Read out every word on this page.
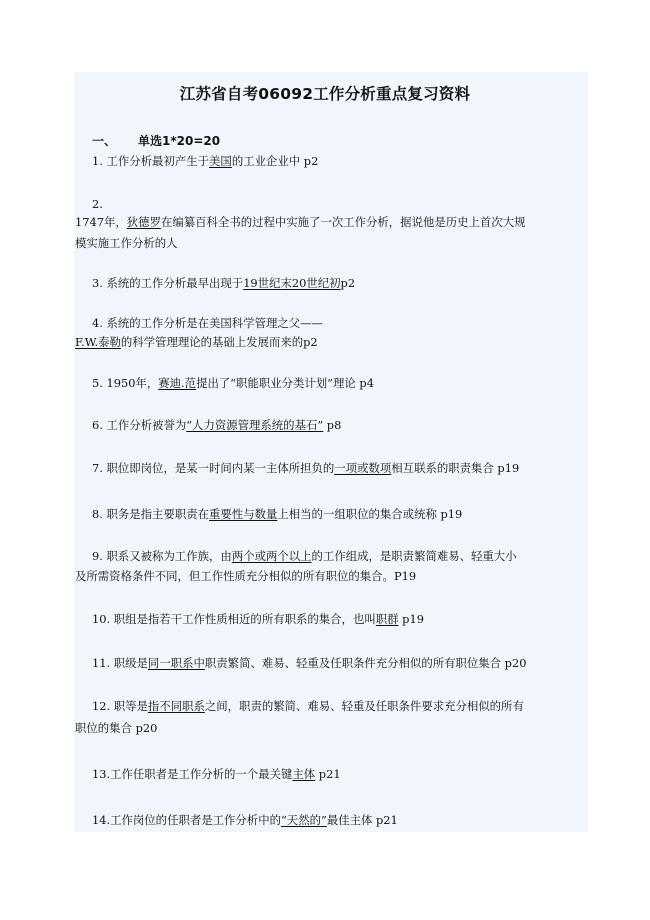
江苏省自考06092工作分析重点复习资料
一、 单选1*20=20
1. 工作分析最初产生于美国的工业企业中 p2
2.
1747年，狄德罗在编纂百科全书的过程中实施了一次工作分析，据说他是历史上首次大规
模实施工作分析的人
3. 系统的工作分析最早出现于19世纪末20世纪初p2
4. 系统的工作分析是在美国科学管理之父——
F.W.泰勒的科学管理理论的基础上发展而来的p2
5. 1950年，赛迪.范提出了“职能职业分类计划”理论 p4
6. 工作分析被誉为“人力资源管理系统的基石” p8
7. 职位即岗位，是某一时间内某一主体所担负的一项或数项相互联系的职责集合 p19
8. 职务是指主要职责在重要性与数量上相当的一组职位的集合或统称 p19
9. 职系又被称为工作族，由两个或两个以上的工作组成，是职责繁简难易、轻重大小
及所需资格条件不同，但工作性质充分相似的所有职位的集合。P19
10. 职组是指若干工作性质相近的所有职系的集合，也叫职群 p19
11. 职级是同一职系中职责繁简、难易、轻重及任职条件充分相似的所有职位集合 p20
12. 职等是指不同职系之间，职责的繁简、难易、轻重及任职条件要求充分相似的所有
职位的集合 p20
13.工作任职者是工作分析的一个最关键主体 p21
14.工作岗位的任职者是工作分析中的“天然的”最佳主体 p21
